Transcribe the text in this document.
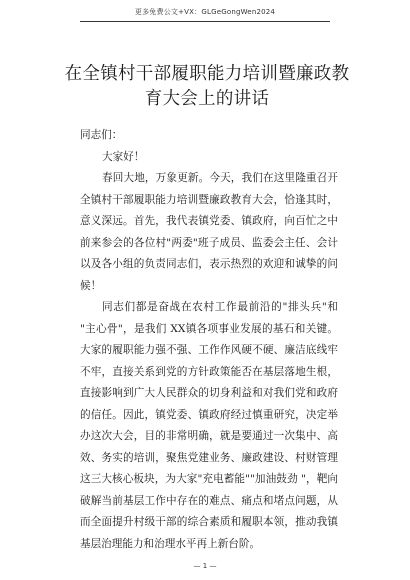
更多免费公文+VX：GLGeGongWen2024
在全镇村干部履职能力培训暨廉政教育大会上的讲话

同志们：

大家好！

春回大地，万象更新。今天，我们在这里隆重召开全镇村干部履职能力培训暨廉政教育大会，恰逢其时，意义深远。首先，我代表镇党委、镇政府，向百忙之中前来参会的各位村"两委"班子成员、监委会主任、会计以及各小组的负责同志们，表示热烈的欢迎和诚挚的问候！

同志们都是奋战在农村工作最前沿的"排头兵"和 "主心骨"，是我们 XX镇各项事业发展的基石和关键。大家的履职能力强不强、工作作风硬不硬、廉洁底线牢不牢，直接关系到党的方针政策能否在基层落地生根，直接影响到广大人民群众的切身利益和对我们党和政府的信任。因此，镇党委、镇政府经过慎重研究，决定举办这次大会，目的非常明确，就是要通过一次集中、高效、务实的培训，聚焦党建业务、廉政建设、村财管理这三大核心板块，为大家"充电蓄能""加油鼓劲 "，靶向破解当前基层工作中存在的难点、痛点和堵点问题，从而全面提升村级干部的综合素质和履职本领，推动我镇基层治理能力和治理水平再上新台阶。

— 1 —
